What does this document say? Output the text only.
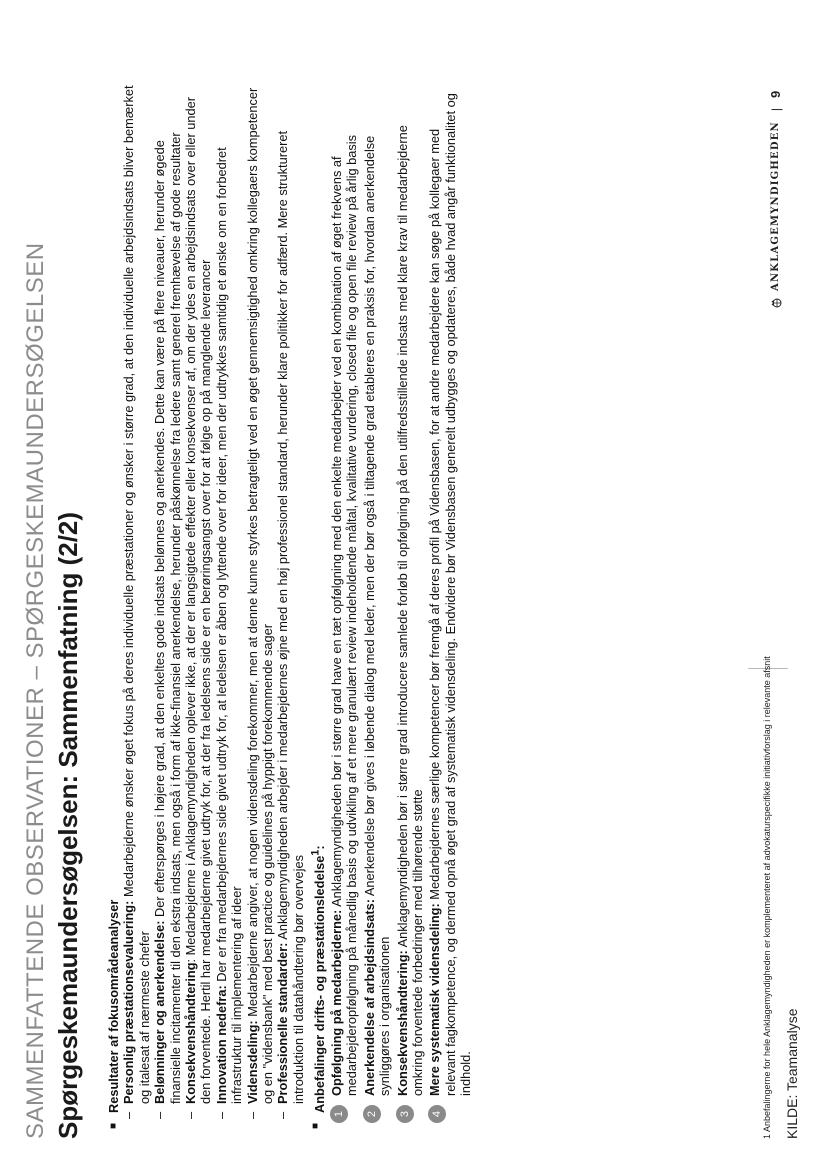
SAMMENFATTENDE OBSERVATIONER – SPØRGESKEMAUNDERSØGELSEN Spørgeskemaundersøgelsen: Sammenfatning (2/2)	■
Resultater af fokusområdeanalyser
–
Personlig præstationsevaluering: Medarbejderne ønsker øget fokus på deres individuelle præstationer og ønsker i større grad, at den individuelle arbejdsindsats bliver bemærket og italesat af nærmeste chefer
–
Belønninger og anerkendelse: Der efterspørges i højere grad, at den enkeltes gode indsats belønnes og anerkendes. Dette kan være på flere niveauer, herunder øgede finansielle incitamenter til den ekstra indsats, men også i form af ikke-finansiel anerkendelse, herunder påskønnelse fra ledere samt generel fremhævelse af gode resultater
–
Konsekvenshåndtering: Medarbejderne i Anklagemyndigheden oplever ikke, at der er langsigtede effekter eller konsekvenser af, om der ydes en arbejdsindsats over eller under den forventede. Hertil har medarbejderne givet udtryk for, at der fra ledelsens side er en berøringsangst over for at følge op på manglende leverancer
–
Innovation nedefra: Der er fra medarbejdernes side givet udtryk for, at ledelsen er åben og lyttende over for ideer, men der udtrykkes samtidig et ønske om en forbedret infrastruktur til implementering af ideer
–
Vidensdeling: Medarbejderne angiver, at nogen vidensdeling forekommer, men at denne kunne styrkes betragteligt ved en øget gennemsigtighed omkring kollegaers kompetencer og en "vidensbank" med best practice og guidelines på hyppigt forekommende sager
–
Professionelle standarder: Anklagemyndigheden arbejder i medarbejdernes øjne med en høj professionel standard, herunder klare politikker for adfærd. Mere struktureret introduktion til datahåndtering bør overvejes
■
Anbefalinger drifts- og præstationsledelse$^1$:
1
Opfølgning på medarbejderne: Anklagemyndigheden bør i større grad have en tæt opfølgning med den enkelte medarbejder ved en kombination af øget frekvens af medarbejderopfølgning på månedlig basis og udvikling af et mere granulært review indeholdende måltal, kvalitative vurdering, closed file og open file review på årlig basis
2
Anerkendelse af arbejdsindsats: Anerkendelse bør gives i løbende dialog med leder, men der bør også i tiltagende grad etableres en praksis for, hvordan anerkendelse synliggøres i organisationen
3
Konsekvenshåndtering: Anklagemyndigheden bør i større grad introducere samlede forløb til opfølgning på den utilfredsstillende indsats med klare krav til medarbejderne omkring forventede forbedringer med tilhørende støtte
4
Mere systematisk vidensdeling: Medarbejdernes særlige kompetencer bør fremgå af deres profil på Vidensbasen, for at andre medarbejdere kan søge på kollegaer med relevant fagkompetence, og dermed opnå øget grad af systematisk vidensdeling. Endvidere bør Vidensbasen generelt udbygges og opdateres, både hvad angår funktionalitet og indhold.	1 Anbefalingerne for hele Anklagemyndigheden er komplementeret af advokaturspecifikke initiativforslag i relevante afsnit KILDE: Teamanalyse
ANKLAGEMYNDIGHEDEN
|
9
